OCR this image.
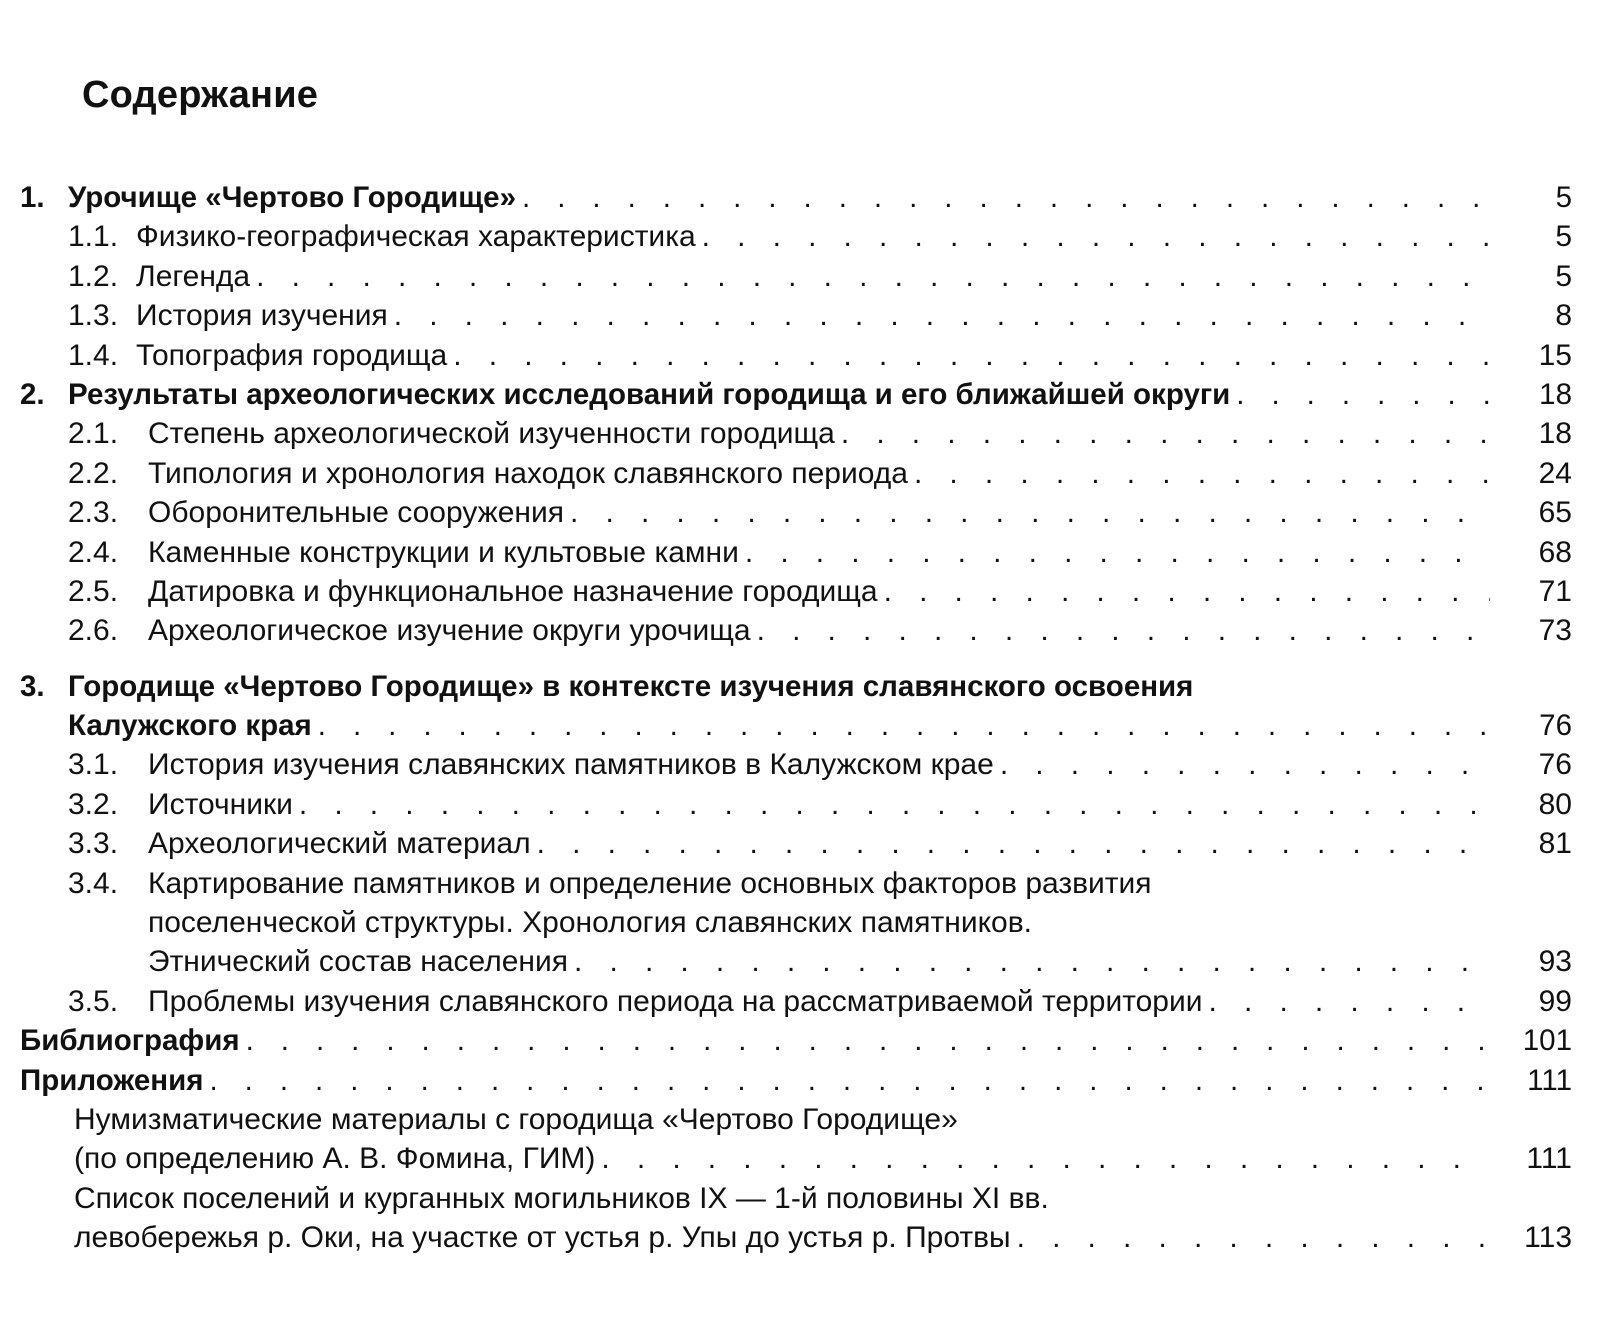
Содержание
1. Урочище «Чертово Городище» . . .	5
1.1. Физико-географическая характеристика . . .	5
1.2. Легенда . . .	5
1.3. История изучения . . .	8
1.4. Топография городища . . .	15
2. Результаты археологических исследований городища и его ближайшей округи . . .	18
2.1. Степень археологической изученности городища . . .	18
2.2. Типология и хронология находок славянского периода . . .	24
2.3. Оборонительные сооружения . . .	65
2.4. Каменные конструкции и культовые камни . . .	68
2.5. Датировка и функциональное назначение городища . . .	71
2.6. Археологическое изучение округи урочища . . .	73
3. Городище «Чертово Городище» в контексте изучения славянского освоения
Калужского края . . .	76
3.1. История изучения славянских памятников в Калужском крае . . .	76
3.2. Источники . . .	80
3.3. Археологический материал . . .	81
3.4. Картирование памятников и определение основных факторов развития
поселенческой структуры. Хронология славянских памятников.
Этнический состав населения . . .	93
3.5. Проблемы изучения славянского периода на рассматриваемой территории . . .	99
Библиография . . .	101
Приложения . . .	111
Нумизматические материалы с городища «Чертово Городище»
(по определению А. В. Фомина, ГИМ) . . .	111
Список поселений и курганных могильников IX — 1-й половины XI вв.
левобережья р. Оки, на участке от устья р. Упы до устья р. Протвы . . .	113
